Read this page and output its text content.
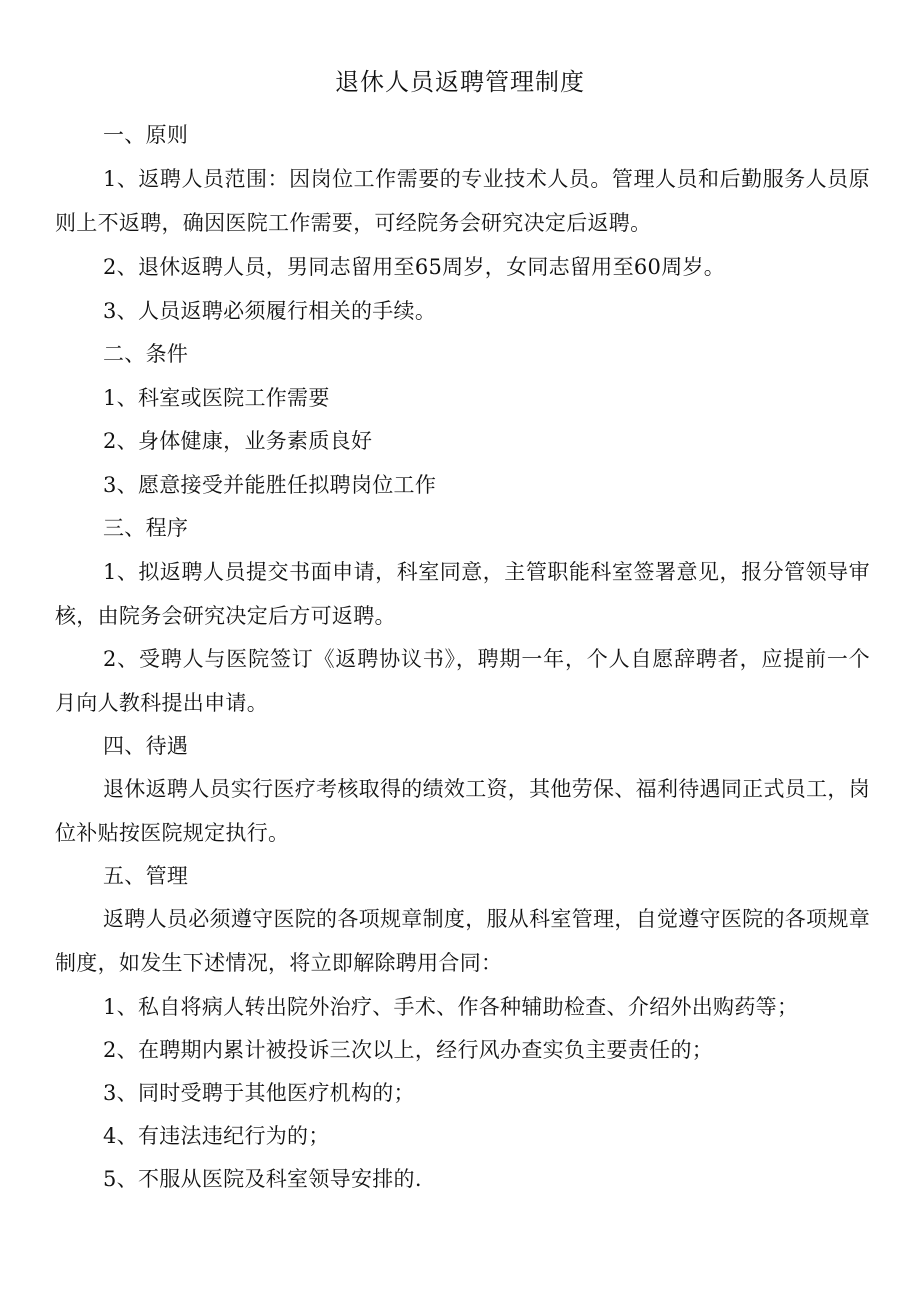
退休人员返聘管理制度
一、原则
1、返聘人员范围：因岗位工作需要的专业技术人员。管理人员和后勤服务人员原则上不返聘，确因医院工作需要，可经院务会研究决定后返聘。
2、退休返聘人员，男同志留用至65周岁，女同志留用至60周岁。
3、人员返聘必须履行相关的手续。
二、条件
1、科室或医院工作需要
2、身体健康，业务素质良好
3、愿意接受并能胜任拟聘岗位工作
三、程序
1、拟返聘人员提交书面申请，科室同意，主管职能科室签署意见，报分管领导审核，由院务会研究决定后方可返聘。
2、受聘人与医院签订《返聘协议书》，聘期一年，个人自愿辞聘者，应提前一个月向人教科提出申请。
四、待遇
退休返聘人员实行医疗考核取得的绩效工资，其他劳保、福利待遇同正式员工，岗位补贴按医院规定执行。
五、管理
返聘人员必须遵守医院的各项规章制度，服从科室管理，自觉遵守医院的各项规章制度，如发生下述情况，将立即解除聘用合同：
1、私自将病人转出院外治疗、手术、作各种辅助检查、介绍外出购药等；
2、在聘期内累计被投诉三次以上，经行风办查实负主要责任的；
3、同时受聘于其他医疗机构的；
4、有违法违纪行为的；
5、不服从医院及科室领导安排的.
